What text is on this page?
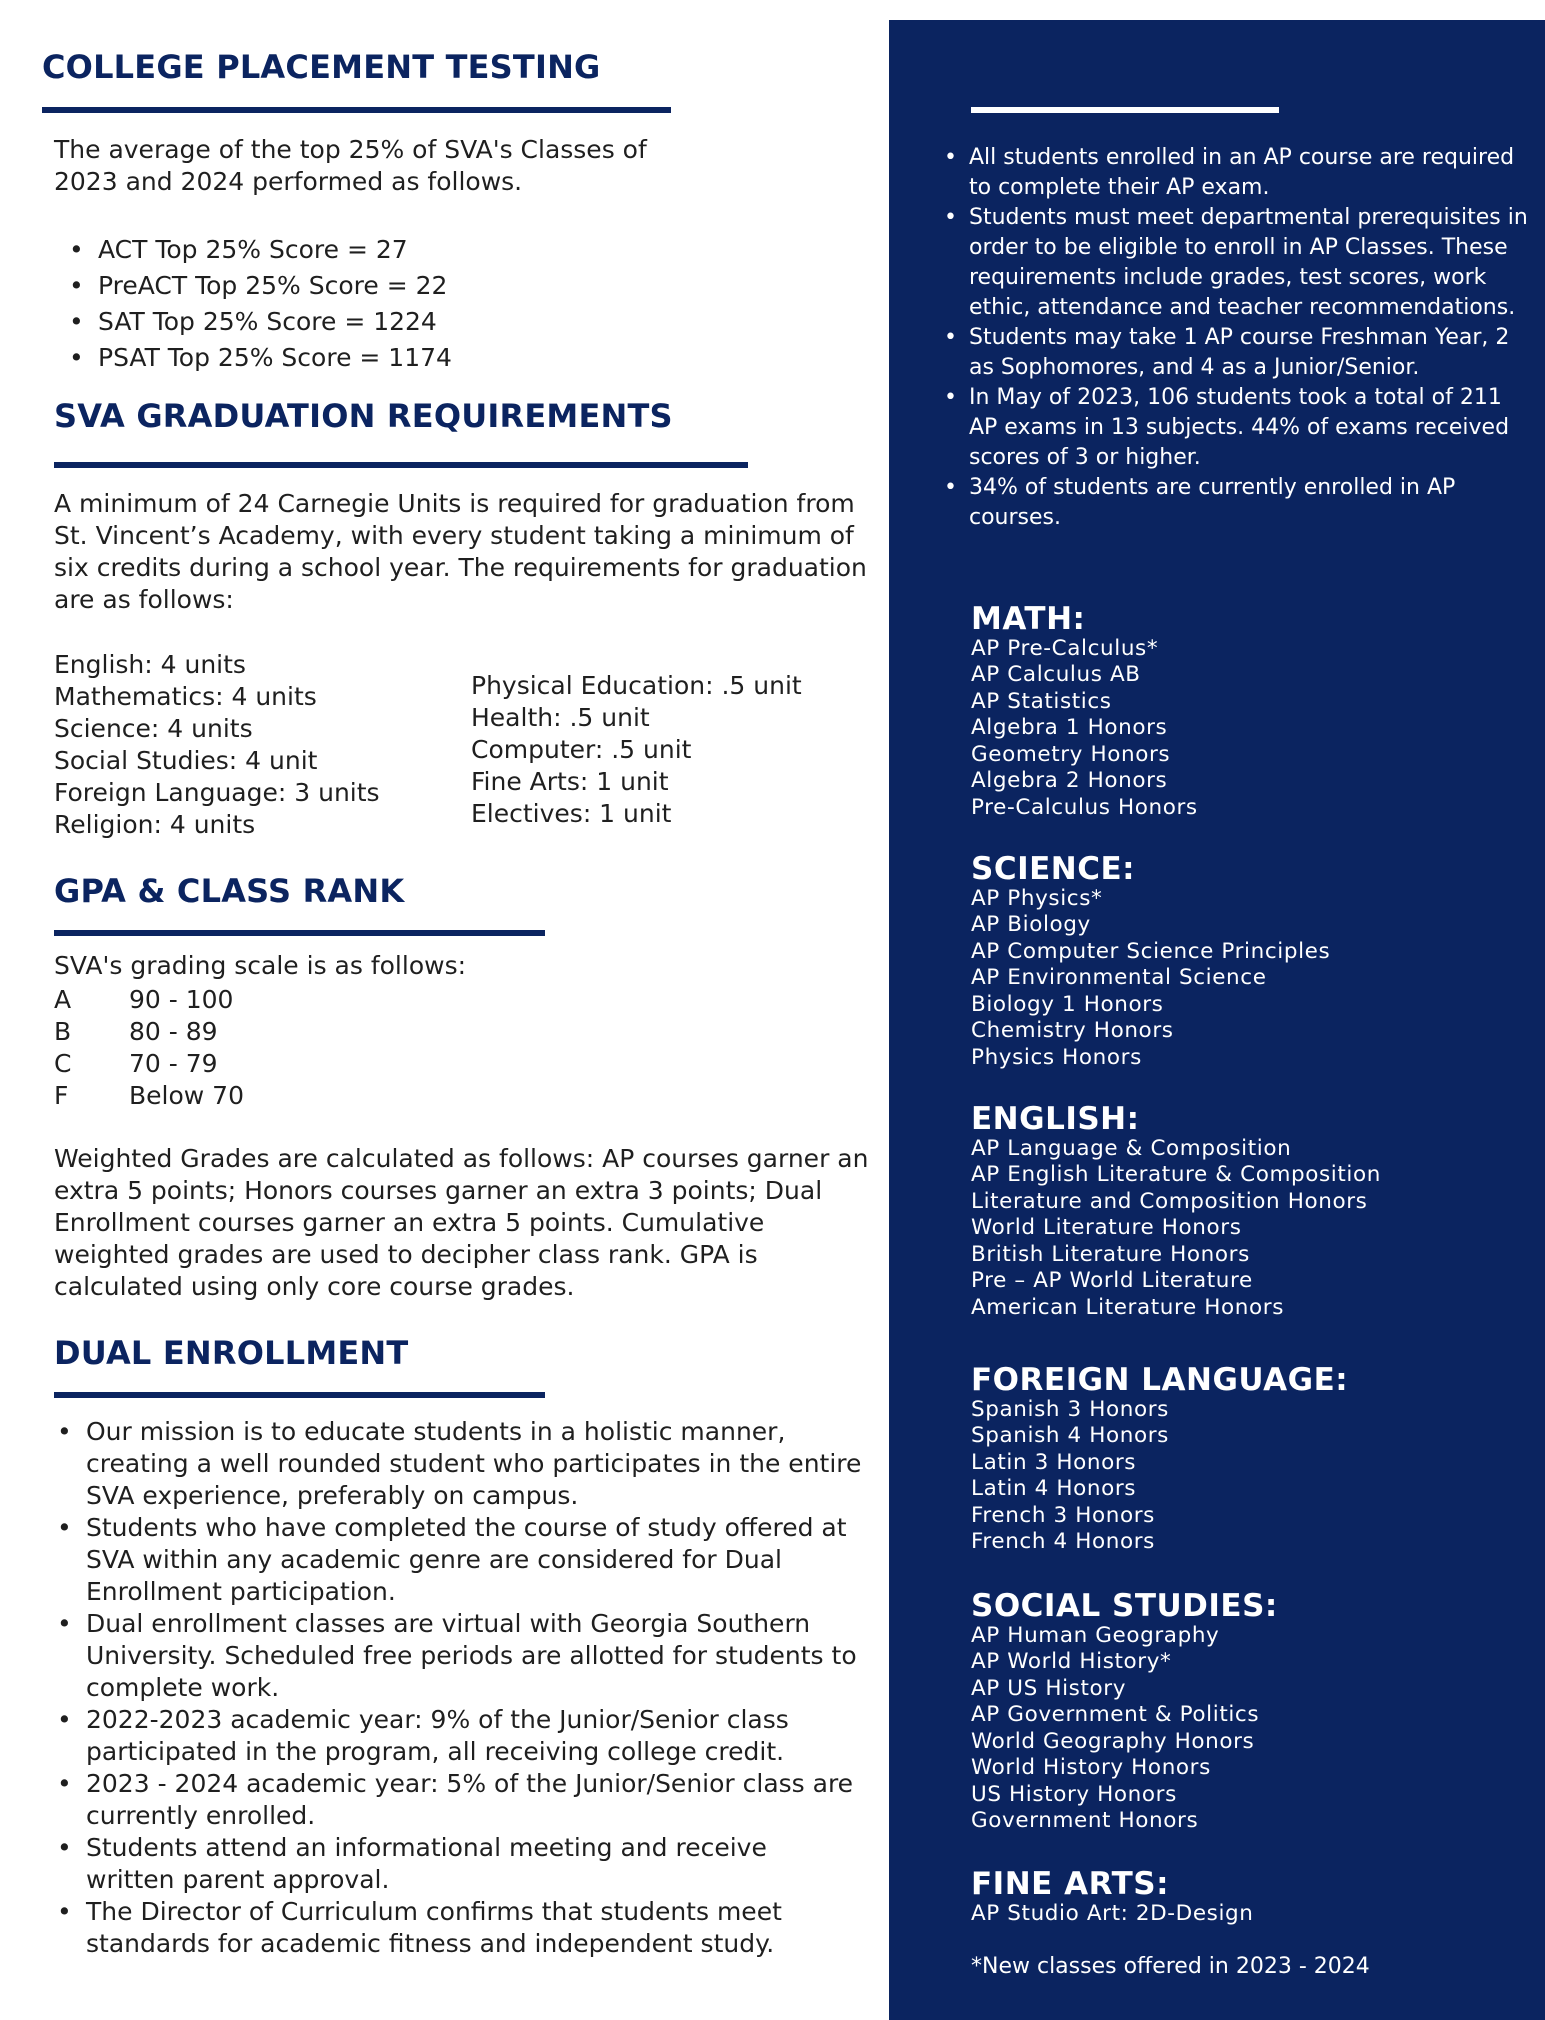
COLLEGE PLACEMENT TESTING

The average of the top 25% of SVA's Classes of 2023 and 2024 performed as follows.

• ACT Top 25% Score = 27
• PreACT Top 25% Score = 22
• SAT Top 25% Score = 1224
• PSAT Top 25% Score = 1174
SVA GRADUATION REQUIREMENTS

A minimum of 24 Carnegie Units is required for graduation from St. Vincent’s Academy, with every student taking a minimum of six credits during a school year. The requirements for graduation are as follows:

English: 4 units
Mathematics: 4 units
Science: 4 units
Social Studies: 4 unit
Foreign Language: 3 units
Religion: 4 units
Physical Education: .5 unit
Health: .5 unit
Computer: .5 unit
Fine Arts: 1 unit
Electives: 1 unit
GPA & CLASS RANK

SVA's grading scale is as follows:

A	90 - 100
B	80 - 89
C	70 - 79
F	Below 70

Weighted Grades are calculated as follows: AP courses garner an extra 5 points; Honors courses garner an extra 3 points; Dual Enrollment courses garner an extra 5 points. Cumulative weighted grades are used to decipher class rank. GPA is calculated using only core course grades.

DUAL ENROLLMENT
• Our mission is to educate students in a holistic manner, creating a well rounded student who participates in the entire SVA experience, preferably on campus.
• Students who have completed the course of study offered at SVA within any academic genre are considered for Dual Enrollment participation.
• Dual enrollment classes are virtual with Georgia Southern University. Scheduled free periods are allotted for students to complete work.
• 2022-2023 academic year: 9% of the Junior/Senior class participated in the program, all receiving college credit.
• 2023 - 2024 academic year: 5% of the Junior/Senior class are currently enrolled.
• Students attend an informational meeting and receive written parent approval.
• The Director of Curriculum confirms that students meet standards for academic fitness and independent study.
• All students enrolled in an AP course are required to complete their AP exam.
• Students must meet departmental prerequisites in order to be eligible to enroll in AP Classes. These requirements include grades, test scores, work ethic, attendance and teacher recommendations.
• Students may take 1 AP course Freshman Year, 2 as Sophomores, and 4 as a Junior/Senior.
• In May of 2023, 106 students took a total of 211 AP exams in 13 subjects. 44% of exams received scores of 3 or higher.
• 34% of students are currently enrolled in AP courses.
MATH:
AP Pre-Calculus*
AP Calculus AB
AP Statistics
Algebra 1 Honors
Geometry Honors
Algebra 2 Honors
Pre-Calculus Honors
SCIENCE:
AP Physics*
AP Biology
AP Computer Science Principles
AP Environmental Science
Biology 1 Honors
Chemistry Honors
Physics Honors
ENGLISH:
AP Language & Composition
AP English Literature & Composition
Literature and Composition Honors
World Literature Honors
British Literature Honors
Pre – AP World Literature
American Literature Honors
FOREIGN LANGUAGE:
Spanish 3 Honors
Spanish 4 Honors
Latin 3 Honors
Latin 4 Honors
French 3 Honors
French 4 Honors
SOCIAL STUDIES:
AP Human Geography
AP World History*
AP US History
AP Government & Politics
World Geography Honors
World History Honors
US History Honors
Government Honors
FINE ARTS:
AP Studio Art: 2D-Design

*New classes offered in 2023 - 2024
